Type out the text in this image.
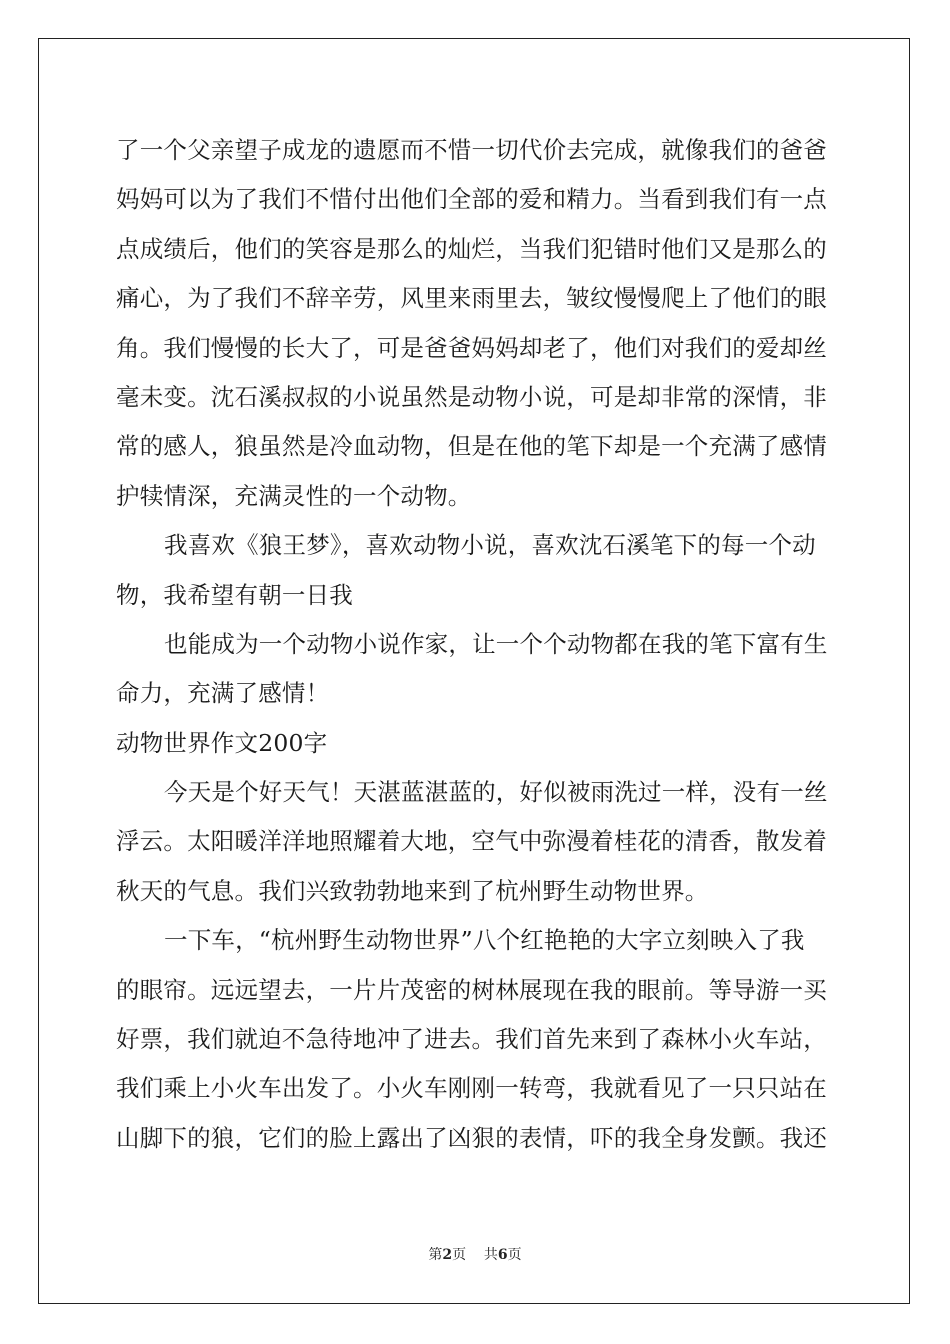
了一个父亲望子成龙的遗愿而不惜一切代价去完成，就像我们的爸爸
妈妈可以为了我们不惜付出他们全部的爱和精力。当看到我们有一点
点成绩后，他们的笑容是那么的灿烂，当我们犯错时他们又是那么的
痛心，为了我们不辞辛劳，风里来雨里去，皱纹慢慢爬上了他们的眼
角。我们慢慢的长大了，可是爸爸妈妈却老了，他们对我们的爱却丝
毫未变。沈石溪叔叔的小说虽然是动物小说，可是却非常的深情，非
常的感人，狼虽然是冷血动物，但是在他的笔下却是一个充满了感情
护犊情深，充满灵性的一个动物。
我喜欢《狼王梦》，喜欢动物小说，喜欢沈石溪笔下的每一个动
物，我希望有朝一日我
也能成为一个动物小说作家，让一个个动物都在我的笔下富有生
命力，充满了感情！
动物世界作文200字
今天是个好天气！天湛蓝湛蓝的，好似被雨洗过一样，没有一丝
浮云。太阳暖洋洋地照耀着大地，空气中弥漫着桂花的清香，散发着
秋天的气息。我们兴致勃勃地来到了杭州野生动物世界。
一下车，“杭州野生动物世界”八个红艳艳的大字立刻映入了我
的眼帘。远远望去，一片片茂密的树林展现在我的眼前。等导游一买
好票，我们就迫不急待地冲了进去。我们首先来到了森林小火车站，
我们乘上小火车出发了。小火车刚刚一转弯，我就看见了一只只站在
山脚下的狼，它们的脸上露出了凶狠的表情，吓的我全身发颤。我还
第2页 共6页
